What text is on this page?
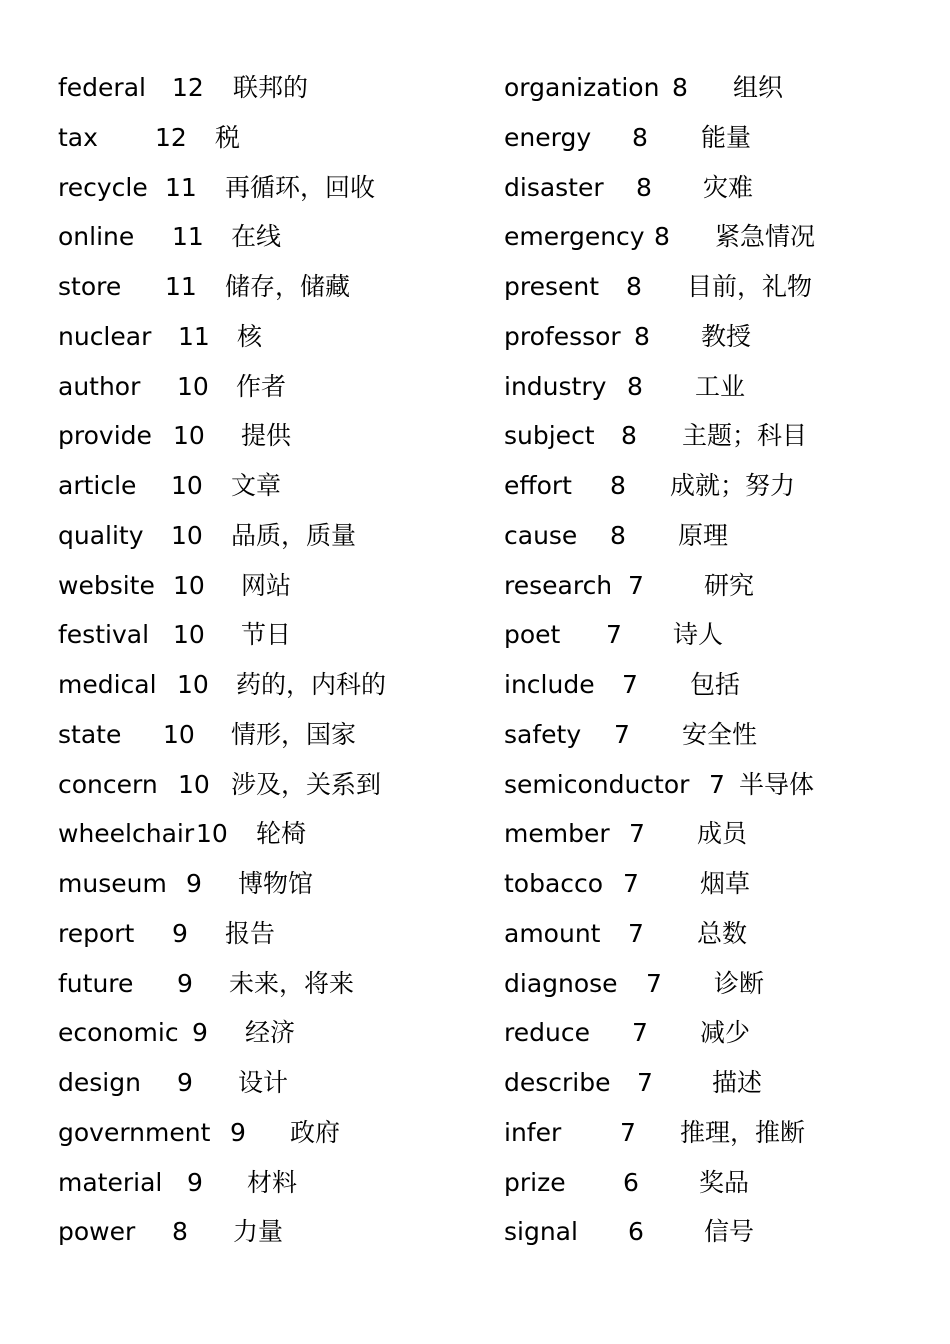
federal 12 联邦的
tax 12 税
recycle 11 再循环，回收
online 11 在线
store 11 储存，储藏
nuclear 11 核
author 10 作者
provide 10 提供
article 10 文章
quality 10 品质，质量
website 10 网站
festival 10 节日
medical 10 药的，内科的
state 10 情形，国家
concern 10 涉及，关系到
wheelchair 10 轮椅
museum 9 博物馆
report 9 报告
future 9 未来，将来
economic 9 经济
design 9 设计
government 9 政府
material 9 材料
power 8 力量
organization 8 组织
energy 8 能量
disaster 8 灾难
emergency 8 紧急情况
present 8 目前，礼物
professor 8 教授
industry 8 工业
subject 8 主题；科目
effort 8 成就；努力
cause 8 原理
research 7 研究
poet 7 诗人
include 7 包括
safety 7 安全性
semiconductor 7 半导体
member 7 成员
tobacco 7 烟草
amount 7 总数
diagnose 7 诊断
reduce 7 减少
describe 7 描述
infer 7 推理，推断
prize 6 奖品
signal 6 信号
